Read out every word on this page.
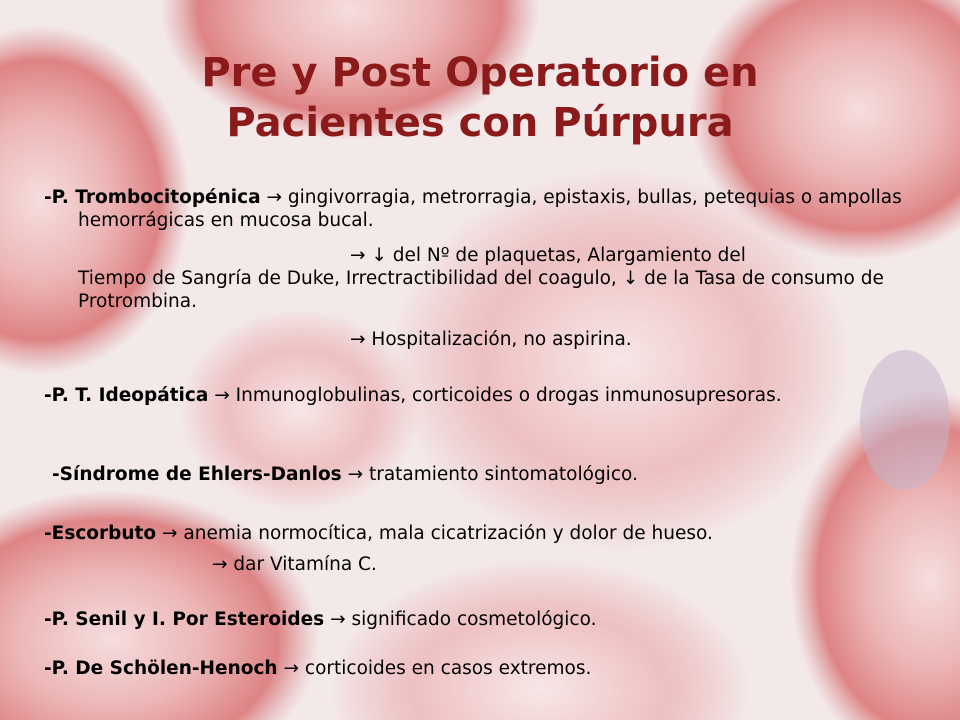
Pre y Post Operatorio en
Pacientes con Púrpura
-P. Trombocitopénica → gingivorragia, metrorragia, epistaxis, bullas, petequias o ampollas hemorrágicas en mucosa bucal.
→ ↓ del Nº de plaquetas, Alargamiento del
Tiempo de Sangría de Duke, Irrectractibilidad del coagulo, ↓ de la Tasa de consumo de Protrombina.
→ Hospitalización, no aspirina.
-P. T. Ideopática → Inmunoglobulinas, corticoides o drogas inmunosupresoras.
-Síndrome de Ehlers-Danlos → tratamiento sintomatológico.
-Escorbuto → anemia normocítica, mala cicatrización y dolor de hueso.
→ dar Vitamína C.
-P. Senil y I. Por Esteroides → significado cosmetológico.
-P. De Schölen-Henoch → corticoides en casos extremos.
